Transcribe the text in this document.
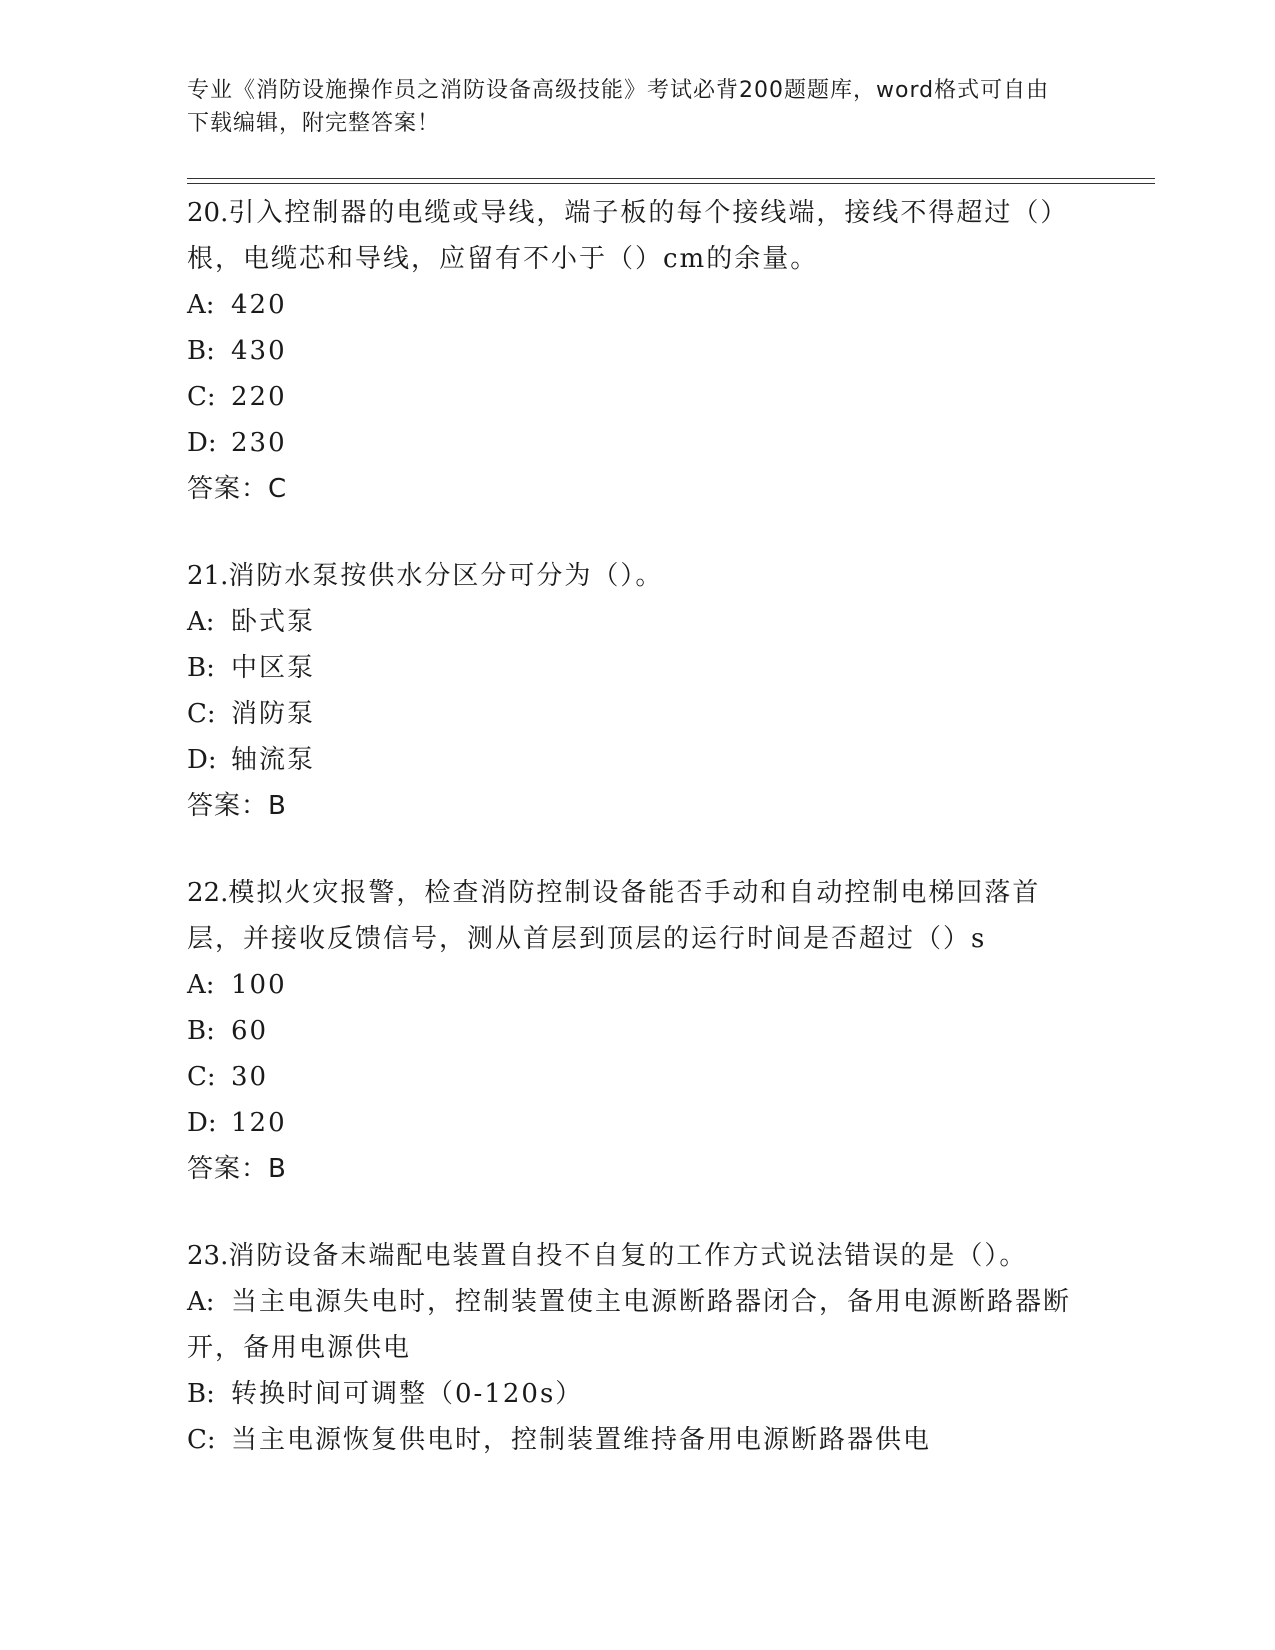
专业《消防设施操作员之消防设备高级技能》考试必背200题题库，word格式可自由下载编辑，附完整答案！

20.引入控制器的电缆或导线，端子板的每个接线端，接线不得超过（）根，电缆芯和导线，应留有不小于（）cm的余量。

A: 420

B: 430

C: 220

D: 230

答案：C

21.消防水泵按供水分区分可分为（）。

A: 卧式泵

B: 中区泵

C: 消防泵

D: 轴流泵

答案：B

22.模拟火灾报警，检查消防控制设备能否手动和自动控制电梯回落首层，并接收反馈信号，测从首层到顶层的运行时间是否超过（）s

A: 100

B: 60

C: 30

D: 120

答案：B

23.消防设备末端配电装置自投不自复的工作方式说法错误的是（）。

A: 当主电源失电时，控制装置使主电源断路器闭合，备用电源断路器断开，备用电源供电

B: 转换时间可调整（0-120s）

C: 当主电源恢复供电时，控制装置维持备用电源断路器供电
